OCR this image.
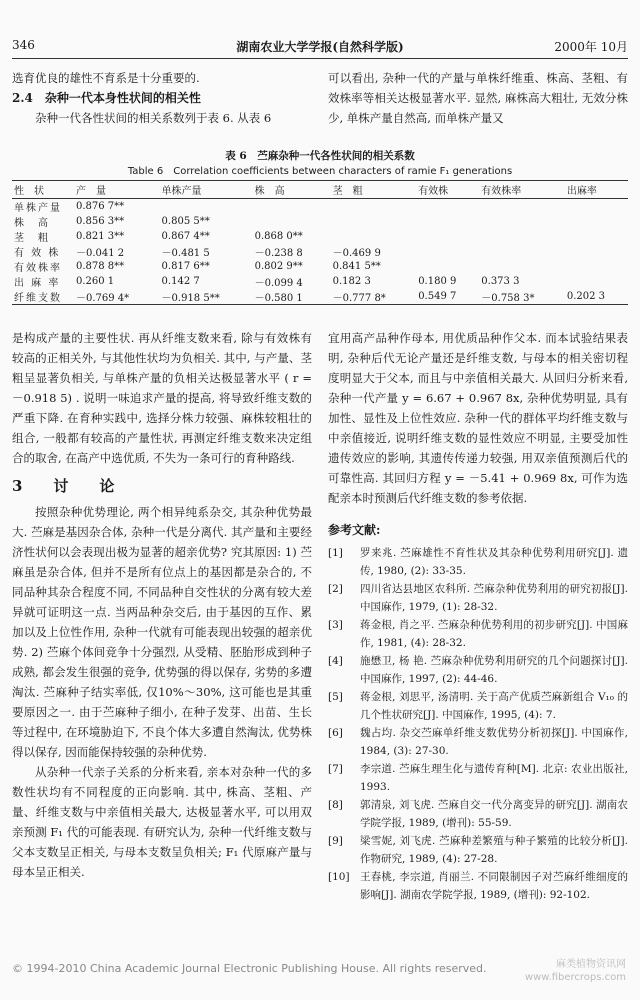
346	湖南农业大学学报(自然科学版)	2000年 10月

选育优良的雄性不育系是十分重要的.

2.4　杂种一代本身性状间的相关性

杂种一代各性状间的相关系数列于表 6. 从表 6

可以看出, 杂种一代的产量与单株纤维重、株高、茎粗、有效株率等相关达极显著水平. 显然, 麻株高大粗壮, 无效分株少, 单株产量自然高, 而单株产量又

表 6　苎麻杂种一代各性状间的相关系数
Table 6　Correlation coefficients between characters of ramie F₁ generations
性　状	产　量	单株产量	株　高	茎　粗	有效株	有效株率	出麻率
单株产量	0.876 7**						
株　高	0.856 3**	0.805 5**					
茎　粗	0.821 3**	0.867 4**	0.868 0**				
有 效 株	－0.041 2	－0.481 5	－0.238 8	－0.469 9			
有效株率	0.878 8**	0.817 6**	0.802 9**	0.841 5**			
出 麻 率	0.260 1	0.142 7	－0.099 4	0.182 3	0.180 9	0.373 3	
纤维支数	－0.769 4*	－0.918 5**	－0.580 1	－0.777 8*	0.549 7	－0.758 3*	0.202 3

是构成产量的主要性状. 再从纤维支数来看, 除与有效株有较高的正相关外, 与其他性状均为负相关. 其中, 与产量、茎粗呈显著负相关, 与单株产量的负相关达极显著水平 ( r = －0.918 5) . 说明一味追求产量的提高, 将导致纤维支数的严重下降. 在育种实践中, 选择分株力较强、麻株较粗壮的组合, 一般都有较高的产量性状, 再测定纤维支数来决定组合的取舍, 在高产中选优质, 不失为一条可行的育种路线.

3　讨　论

按照杂种优势理论, 两个相异纯系杂交, 其杂种优势最大. 苎麻是基因杂合体, 杂种一代是分离代. 其产量和主要经济性状何以会表现出极为显著的超亲优势? 究其原因: 1) 苎麻虽是杂合体, 但并不是所有位点上的基因都是杂合的, 不同品种其杂合程度不同, 不同品种自交性状的分离有较大差异就可证明这一点. 当两品种杂交后, 由于基因的互作、累加以及上位性作用, 杂种一代就有可能表现出较强的超亲优势. 2) 苎麻个体间竞争十分强烈, 从受精、胚胎形成到种子成熟, 都会发生很强的竞争, 优势强的得以保存, 劣势的多遭淘汰. 苎麻种子结实率低, 仅10%～30%, 这可能也是其重要原因之一. 由于苎麻种子细小, 在种子发芽、出苗、生长等过程中, 在环境胁迫下, 不良个体大多遭自然淘汰, 优势株得以保存, 因而能保持较强的杂种优势.

从杂种一代亲子关系的分析来看, 亲本对杂种一代的多数性状均有不同程度的正向影响. 其中, 株高、茎粗、产量、纤维支数与中亲值相关最大, 达极显著水平, 可以用双亲预测 F₁ 代的可能表现. 有研究认为, 杂种一代纤维支数与父本支数呈正相关, 与母本支数呈负相关; F₁ 代原麻产量与母本呈正相关.

宜用高产品种作母本, 用优质品种作父本. 而本试验结果表明, 杂种后代无论产量还是纤维支数, 与母本的相关密切程度明显大于父本, 而且与中亲值相关最大. 从回归分析来看, 杂种一代产量 y = 6.67 + 0.967 8x, 杂种优势明显, 具有加性、显性及上位性效应. 杂种一代的群体平均纤维支数与中亲值接近, 说明纤维支数的显性效应不明显, 主要受加性遗传效应的影响, 其遗传传递力较强, 用双亲值预测后代的可靠性高. 其回归方程 y = －5.41 + 0.969 8x, 可作为选配亲本时预测后代纤维支数的参考依据.

参考文献:

[1]	罗来兆. 苎麻雄性不育性状及其杂种优势利用研究[J]. 遗传, 1980, (2): 33-35.
[2]	四川省达县地区农科所. 苎麻杂种优势利用的研究初报[J]. 中国麻作, 1979, (1): 28-32.
[3]	蒋金根, 肖之平. 苎麻杂种优势利用的初步研究[J]. 中国麻作, 1981, (4): 28-32.
[4]	施懋卫, 杨 艳. 苎麻杂种优势利用研究的几个问题探讨[J]. 中国麻作, 1997, (2): 44-46.
[5]	蒋金根, 刘思平, 汤清明. 关于高产优质苎麻新组合 V₁₀ 的几个性状研究[J]. 中国麻作, 1995, (4): 7.
[6]	魏占均. 杂交苎麻单纤维支数优势分析初探[J]. 中国麻作, 1984, (3): 27-30.
[7]	李宗道. 苎麻生理生化与遗传育种[M]. 北京: 农业出版社, 1993.
[8]	郭清泉, 刘飞虎. 苎麻自交一代分离变异的研究[J]. 湖南农学院学报, 1989, (增刊): 55-59.
[9]	梁雪妮, 刘飞虎. 苎麻种差繁殖与种子繁殖的比较分析[J]. 作物研究, 1989, (4): 27-28.
[10] 王春桃, 李宗道, 肖丽兰. 不同限制因子对苎麻纤维细度的影响[J]. 湖南农学院学报, 1989, (增刊): 92-102.
© 1994-2010 China Academic Journal Electronic Publishing House. All rights reserved.	麻类植物资讯网
www.fibercrops.com
